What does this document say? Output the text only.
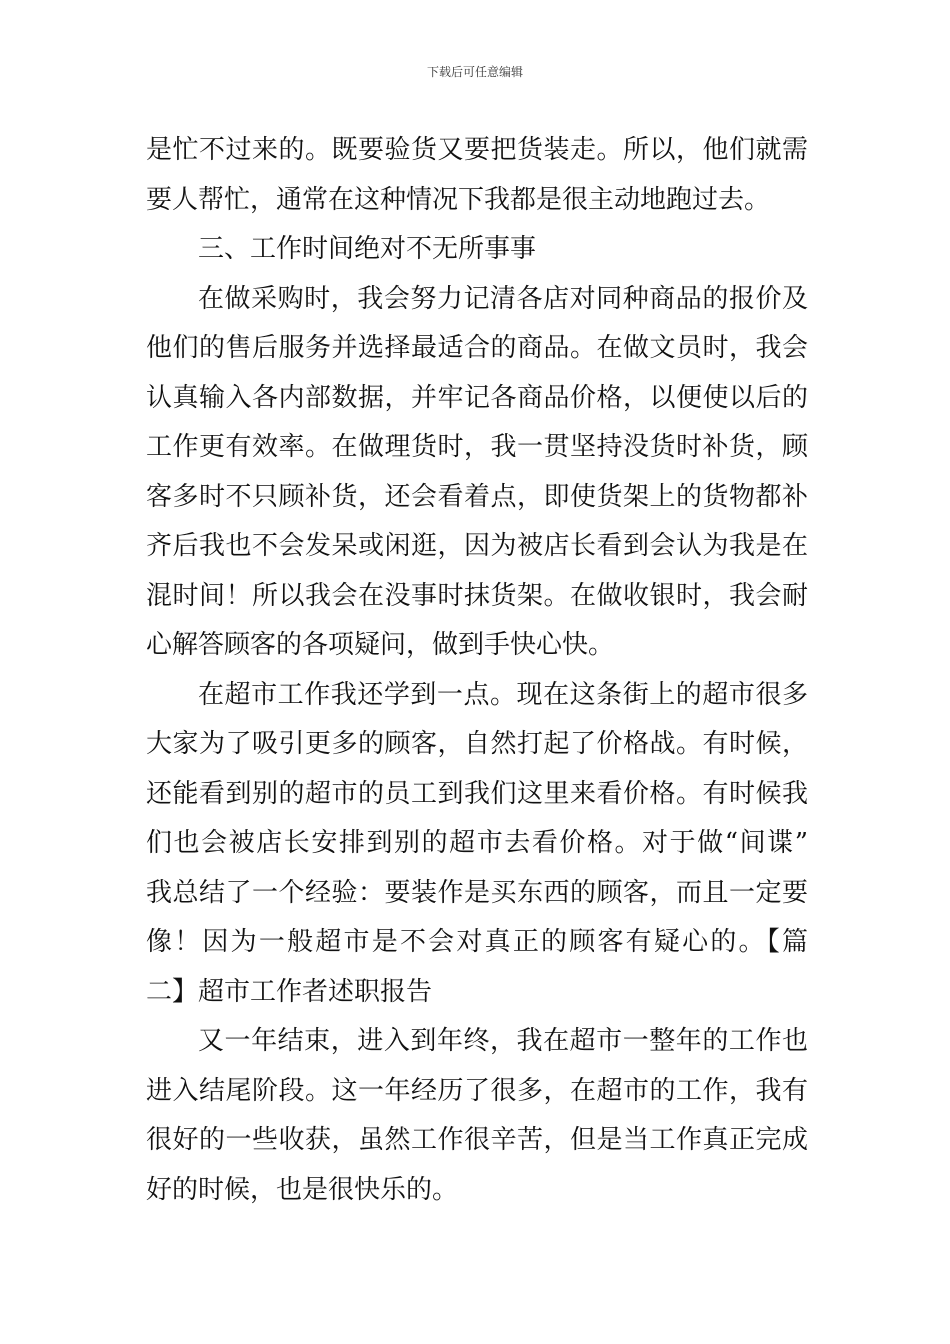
下载后可任意编辑
是忙不过来的。既要验货又要把货装走。所以，他们就需
要人帮忙，通常在这种情况下我都是很主动地跑过去。
三、工作时间绝对不无所事事
在做采购时，我会努力记清各店对同种商品的报价及
他们的售后服务并选择最适合的商品。在做文员时，我会
认真输入各内部数据，并牢记各商品价格，以便使以后的
工作更有效率。在做理货时，我一贯坚持没货时补货，顾
客多时不只顾补货，还会看着点，即使货架上的货物都补
齐后我也不会发呆或闲逛，因为被店长看到会认为我是在
混时间！所以我会在没事时抹货架。在做收银时，我会耐
心解答顾客的各项疑问，做到手快心快。
在超市工作我还学到一点。现在这条街上的超市很多
大家为了吸引更多的顾客，自然打起了价格战。有时候，
还能看到别的超市的员工到我们这里来看价格。有时候我
们也会被店长安排到别的超市去看价格。对于做“间谍”
我总结了一个经验：要装作是买东西的顾客，而且一定要
像！因为一般超市是不会对真正的顾客有疑心的。【篇
二】超市工作者述职报告
又一年结束，进入到年终，我在超市一整年的工作也
进入结尾阶段。这一年经历了很多，在超市的工作，我有
很好的一些收获，虽然工作很辛苦，但是当工作真正完成
好的时候，也是很快乐的。
